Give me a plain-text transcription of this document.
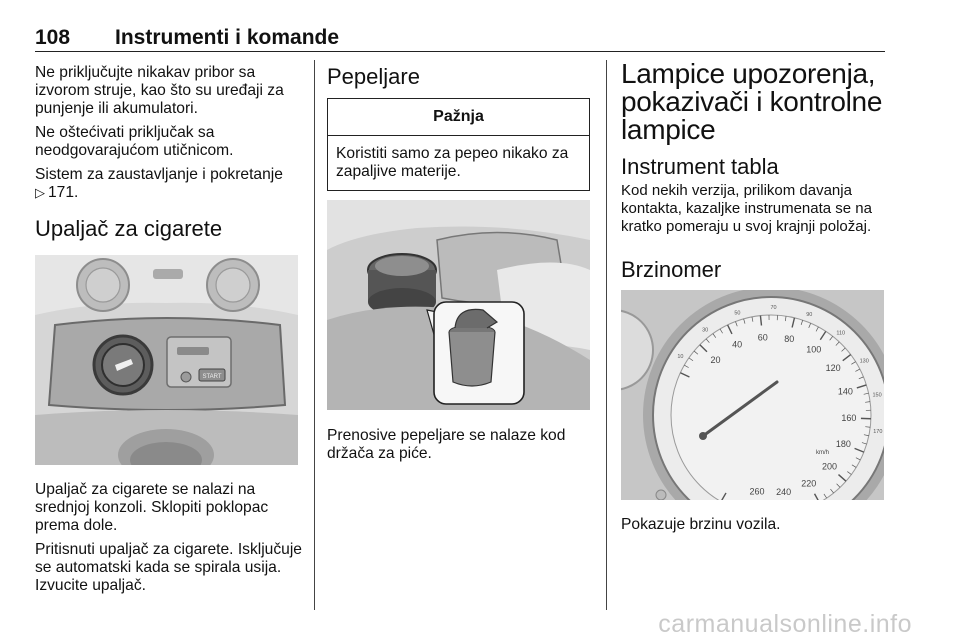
108 Instrumenti i komande

Ne priključujte nikakav pribor sa izvorom struje, kao što su uređaji za punjenje ili akumulatori.

Ne oštećivati priključak sa neodgovarajućom utičnicom.

Sistem za zaustavljanje i pokretanje
▷ 171.

Upaljač za cigarete
START

Upaljač za cigarete se nalazi na srednjoj konzoli. Sklopiti poklopac prema dole.

Pritisnuti upaljač za cigarete. Isključuje se automatski kada se spirala usija. Izvucite upaljač.

Pepeljare
Pažnja
Koristiti samo za pepeo nikako za zapaljive materije.

Prenosive pepeljare se nalaze kod držača za piće.

Lampice upozorenja,
pokazivači i kontrolne
lampice
Instrument tabla

Kod nekih verzija, prilikom davanja kontakta, kazaljke instrumenata se na kratko pomeraju u svoj krajnji položaj.

Brzinomer
20
40
60 80
100
120
140
160
180
200
220
240
260
10
30
50
70
90
110
130
150
170
km/h

Pokazuje brzinu vozila.

carmanualsonline.info
